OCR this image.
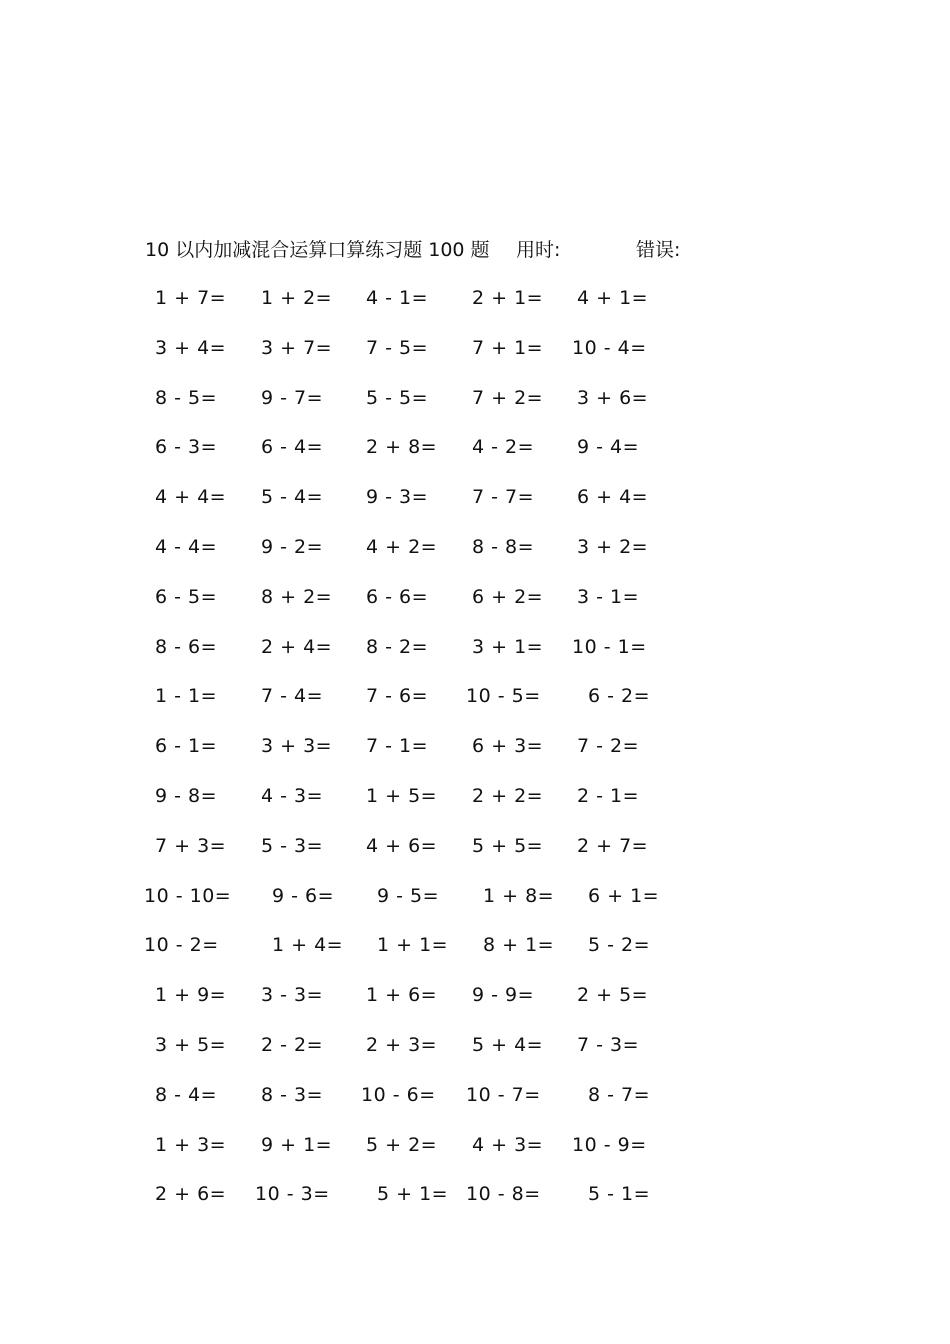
10 以内加减混合运算口算练习题 100 题 用时:	错误:
1 + 7= 1 + 2= 4 - 1= 2 + 1= 4 + 1=
3 + 4= 3 + 7= 7 - 5= 7 + 1= 10 - 4=
8 - 5= 9 - 7= 5 - 5= 7 + 2= 3 + 6=
6 - 3= 6 - 4= 2 + 8= 4 - 2= 9 - 4=
4 + 4= 5 - 4= 9 - 3= 7 - 7= 6 + 4=
4 - 4= 9 - 2= 4 + 2= 8 - 8= 3 + 2=
6 - 5= 8 + 2= 6 - 6= 6 + 2= 3 - 1=
8 - 6= 2 + 4= 8 - 2= 3 + 1= 10 - 1=
1 - 1= 7 - 4= 7 - 6= 10 - 5= 6 - 2=
6 - 1= 3 + 3= 7 - 1= 6 + 3= 7 - 2=
9 - 8= 4 - 3= 1 + 5= 2 + 2= 2 - 1=
7 + 3= 5 - 3= 4 + 6= 5 + 5= 2 + 7=
10 - 10= 9 - 6= 9 - 5= 1 + 8= 6 + 1=
10 - 2=	1 + 4= 1 + 1= 8 + 1= 5 - 2=
1 + 9= 3 - 3= 1 + 6= 9 - 9= 2 + 5=
3 + 5= 2 - 2= 2 + 3= 5 + 4= 7 - 3=
8 - 4= 8 - 3= 10 - 6= 10 - 7= 8 - 7=
1 + 3= 9 + 1= 5 + 2= 4 + 3= 10 - 9=
2 + 6= 10 - 3= 5 + 1= 10 - 8= 5 - 1=
